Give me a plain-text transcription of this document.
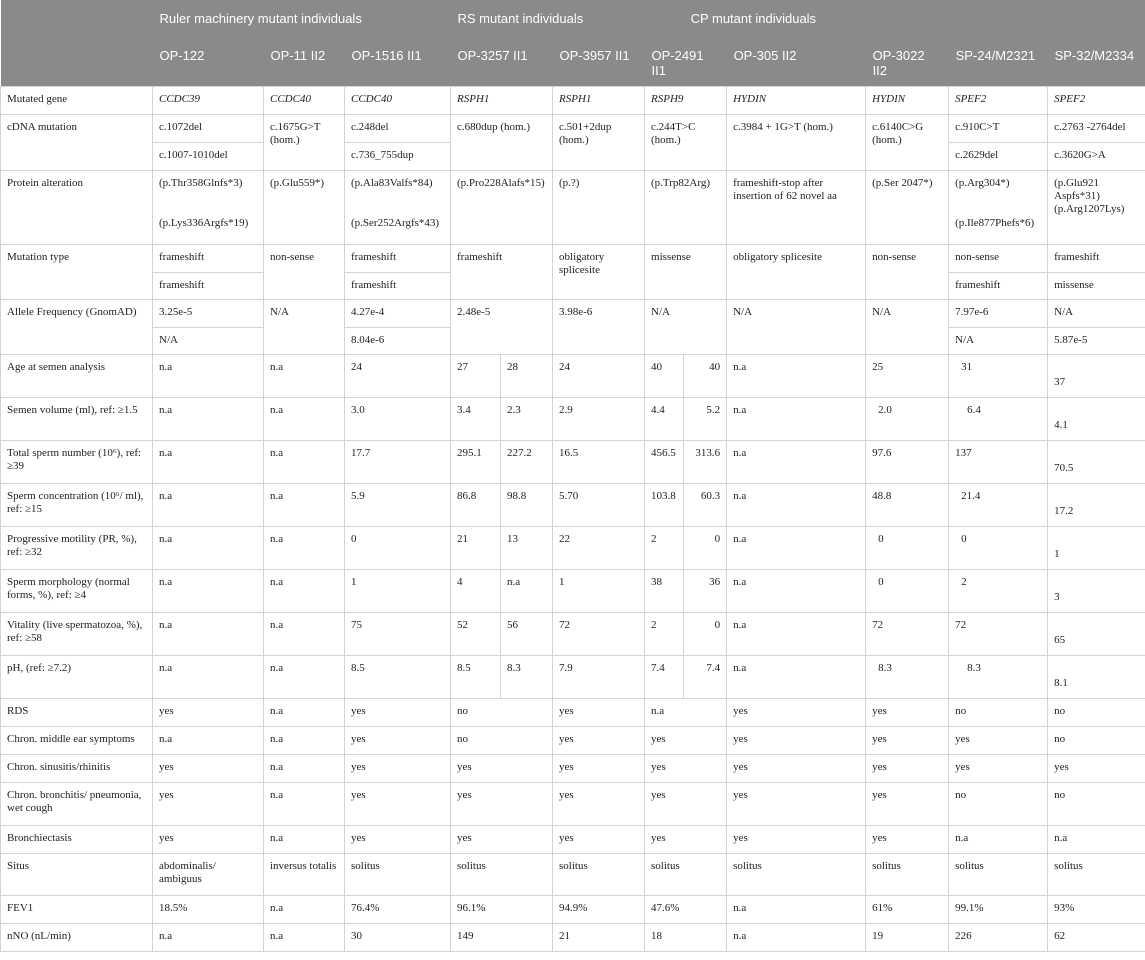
	Ruler machinery mutant individuals			RS mutant individuals				CP mutant individuals				
	OP-122	OP-11 II2	OP-1516 II1	OP-3257 II1		OP-3957 II1	OP-2491 II1		OP-305 II2	OP-3022 II2	SP-24/M2321	SP-32/M2334
Mutated gene	CCDC39	CCDC40	CCDC40	RSPH1		RSPH1	RSPH9		HYDIN	HYDIN	SPEF2	SPEF2
cDNA mutation	c.1072del	c.1675G>T (hom.)	c.248del	c.680dup (hom.)		c.501+2dup (hom.)	c.244T>C (hom.)		c.3984 + 1G>T (hom.)	c.6140C>G (hom.)	c.910C>T	c.2763 -2764del
	c.1007-1010del		c.736_755dup								c.2629del	c.3620G>A
Protein alteration	(p.Thr358Glnfs*3)	(p.Glu559*)	(p.Ala83Valfs*84)	(p.Pro228Alafs*15)		(p.?)	(p.Trp82Arg)		frameshift-stop after insertion of 62 novel aa	(p.Ser 2047*)	(p.Arg304*)	(p.Glu921 Aspfs*31)
	(p.Lys336Argfs*19)		(p.Ser252Argfs*43)								(p.Ile877Phefs*6)	(p.Arg1207Lys)
Mutation type	frameshift	non-sense	frameshift	frameshift		obligatory splicesite	missense		obligatory splicesite	non-sense	non-sense	frameshift
	frameshift		frameshift								frameshift	missense
Allele Frequency (GnomAD)	3.25e-5	N/A	4.27e-4	2.48e-5		3.98e-6	N/A		N/A	N/A	7.97e-6	N/A
	N/A		8.04e-6								N/A	5.87e-5
Age at semen analysis	n.a	n.a	24	27	28	24	40	40	n.a	25	31	37
Semen volume (ml), ref: ≥1.5	n.a	n.a	3.0	3.4	2.3	2.9	4.4	5.2	n.a	2.0	6.4	4.1
Total sperm number (10⁶), ref: ≥39	n.a	n.a	17.7	295.1	227.2	16.5	456.5	313.6	n.a	97.6	137	70.5
Sperm concentration (10⁶/ ml), ref: ≥15	n.a	n.a	5.9	86.8	98.8	5.70	103.8	60.3	n.a	48.8	21.4	17.2
Progressive motility (PR, %), ref: ≥32	n.a	n.a	0	21	13	22	2	0	n.a	0	0	1
Sperm morphology (normal forms, %), ref: ≥4	n.a	n.a	1	4	n.a	1	38	36	n.a	0	2	3
Vitality (live spermatozoa, %), ref: ≥58	n.a	n.a	75	52	56	72	2	0	n.a	72	72	65
pH, (ref: ≥7.2)	n.a	n.a	8.5	8.5	8.3	7.9	7.4	7.4	n.a	8.3	8.3	8.1
RDS	yes	n.a	yes	no		yes	n.a		yes	yes	no	no
Chron. middle ear symptoms	n.a	n.a	yes	no		yes	yes		yes	yes	yes	no
Chron. sinusitis/rhinitis	yes	n.a	yes	yes		yes	yes		yes	yes	yes	yes
Chron. bronchitis/ pneumonia, wet cough	yes	n.a	yes	yes		yes	yes		yes	yes	no	no
Bronchiectasis	yes	n.a	yes	yes		yes	yes		yes	yes	n.a	n.a
Situs	abdominalis/ ambiguus	inversus totalis	solitus	solitus		solitus	solitus		solitus	solitus	solitus	solitus
FEV1	18.5%	n.a	76.4%	96.1%		94.9%	47.6%		n.a	61%	99.1%	93%
nNO (nL/min)	n.a	n.a	30	149		21	18		n.a	19	226	62
